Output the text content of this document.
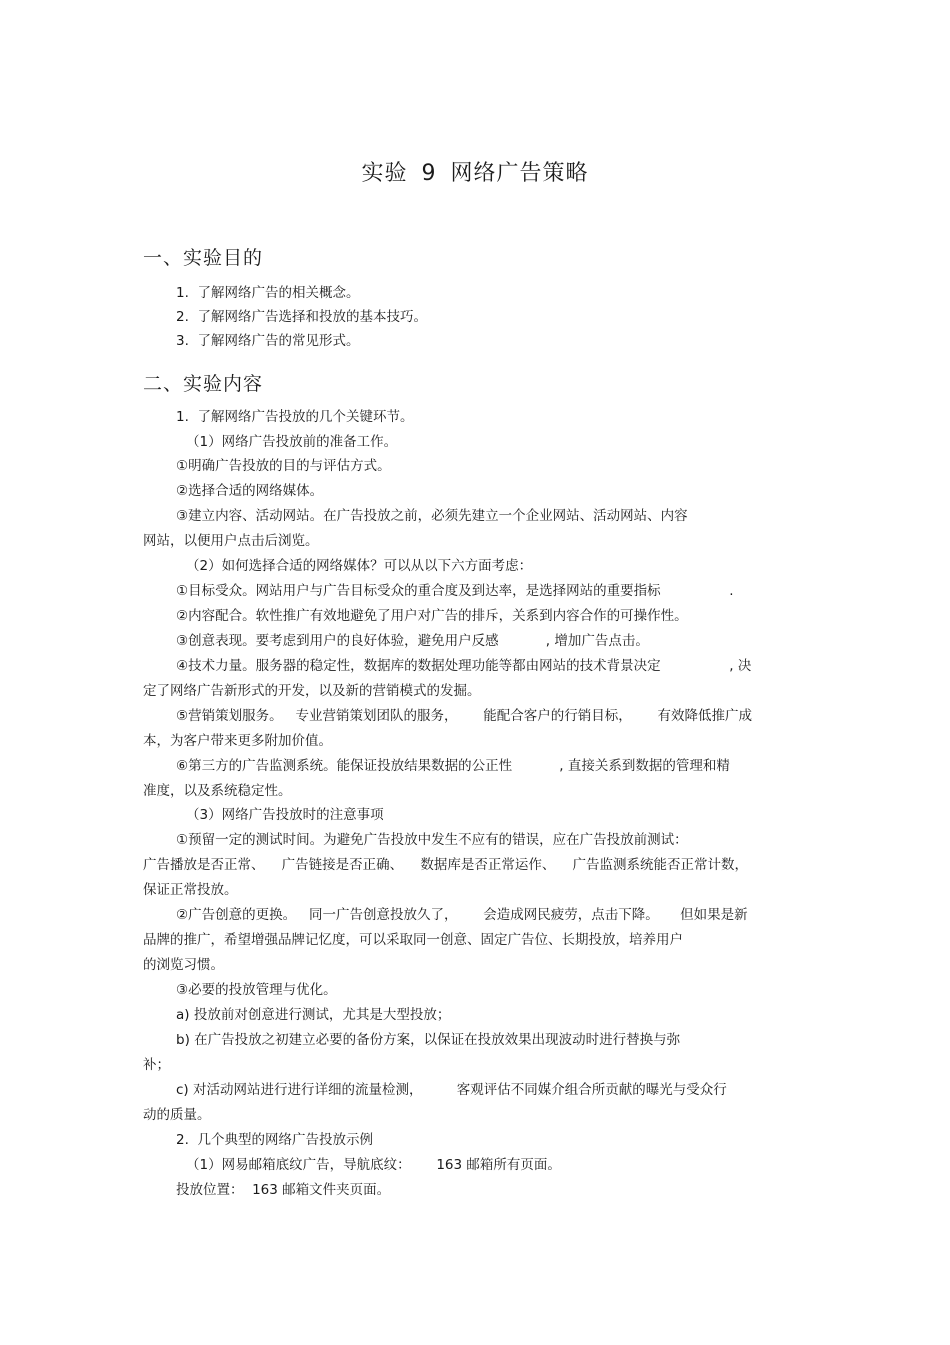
实验 9 网络广告策略
一、实验目的

1.  了解网络广告的相关概念。

2.  了解网络广告选择和投放的基本技巧。

3.  了解网络广告的常见形式。

二、实验内容

1.  了解网络广告投放的几个关键环节。

（1）网络广告投放前的准备工作。

①明确广告投放的目的与评估方式。

②选择合适的网络媒体。

③建立内容、活动网站。在广告投放之前，必须先建立一个企业网站、活动网站、内容

网站，以便用户点击后浏览。

（2）如何选择合适的网络媒体？可以从以下六方面考虑：

①目标受众。网站用户与广告目标受众的重合度及到达率，是选择网站的重要指标                .

②内容配合。软性推广有效地避免了用户对广告的排斥，关系到内容合作的可操作性。

③创意表现。要考虑到用户的良好体验，避免用户反感           , 增加广告点击。

④技术力量。服务器的稳定性，数据库的数据处理功能等都由网站的技术背景决定                , 决

定了网络广告新形式的开发，以及新的营销模式的发掘。

⑤营销策划服务。   专业营销策划团队的服务，      能配合客户的行销目标，      有效降低推广成

本，为客户带来更多附加价值。

⑥第三方的广告监测系统。能保证投放结果数据的公正性           , 直接关系到数据的管理和精

准度，以及系统稳定性。

（3）网络广告投放时的注意事项

①预留一定的测试时间。为避免广告投放中发生不应有的错误，应在广告投放前测试：

广告播放是否正常、    广告链接是否正确、    数据库是否正常运作、    广告监测系统能否正常计数，

保证正常投放。

②广告创意的更换。   同一广告创意投放久了，      会造成网民疲劳，点击下降。     但如果是新

品牌的推广，希望增强品牌记忆度，可以采取同一创意、固定广告位、长期投放，培养用户

的浏览习惯。

③必要的投放管理与优化。

a) 投放前对创意进行测试，尤其是大型投放；

b) 在广告投放之初建立必要的备份方案，以保证在投放效果出现波动时进行替换与弥

补；

c) 对活动网站进行进行详细的流量检测，        客观评估不同媒介组合所贡献的曝光与受众行

动的质量。

2.  几个典型的网络广告投放示例

（1）网易邮箱底纹广告，导航底纹：      163 邮箱所有页面。

投放位置：  163 邮箱文件夹页面。
